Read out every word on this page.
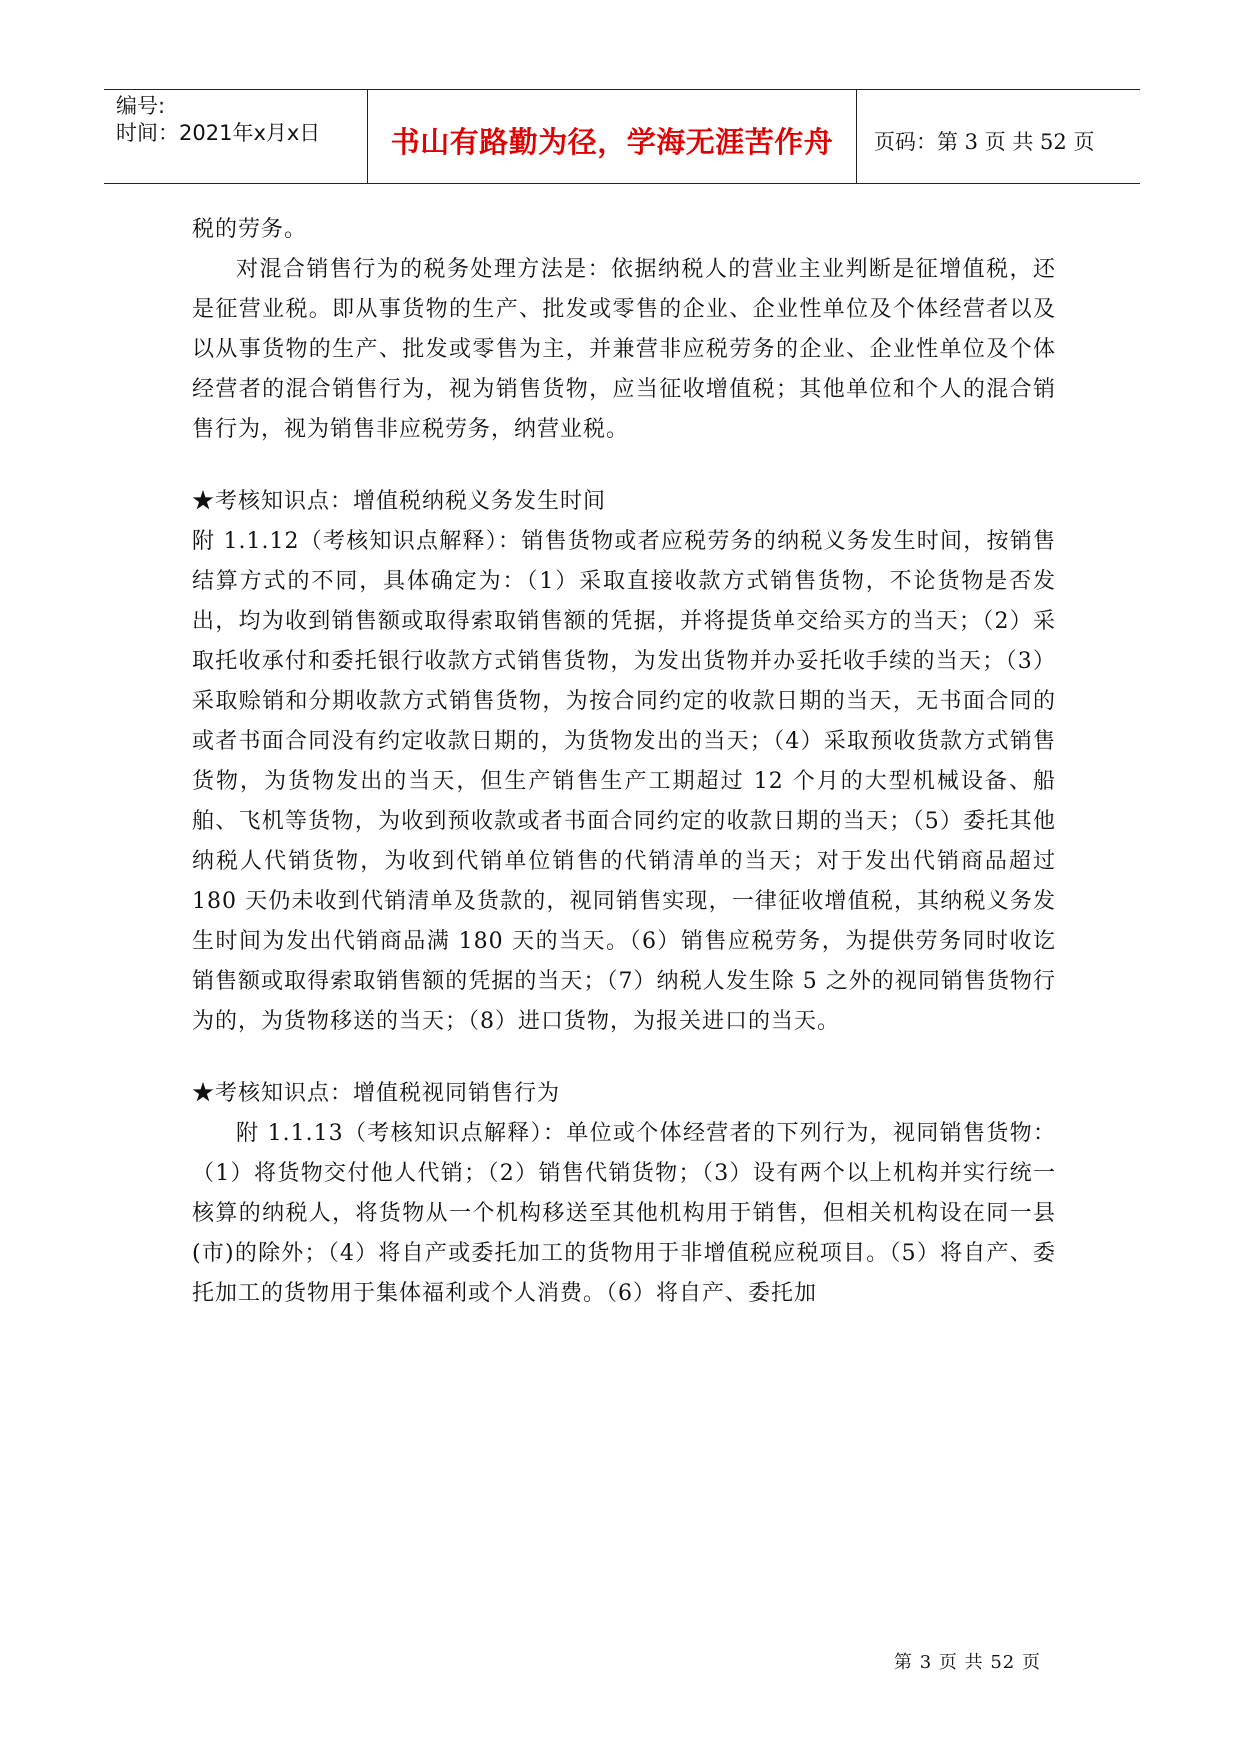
编号:
时间：2021年x月x日	书山有路勤为径，学海无涯苦作舟	页码：第 3 页 共 52 页

税的劳务。

对混合销售行为的税务处理方法是：依据纳税人的营业主业判断是征增值税，还是征营业税。即从事货物的生产、批发或零售的企业、企业性单位及个体经营者以及以从事货物的生产、批发或零售为主，并兼营非应税劳务的企业、企业性单位及个体经营者的混合销售行为，视为销售货物，应当征收增值税；其他单位和个人的混合销售行为，视为销售非应税劳务，纳营业税。

★考核知识点：增值税纳税义务发生时间

附 1.1.12（考核知识点解释）：销售货物或者应税劳务的纳税义务发生时间，按销售结算方式的不同，具体确定为：（1）采取直接收款方式销售货物，不论货物是否发出，均为收到销售额或取得索取销售额的凭据，并将提货单交给买方的当天；（2）采取托收承付和委托银行收款方式销售货物，为发出货物并办妥托收手续的当天；（3）采取赊销和分期收款方式销售货物，为按合同约定的收款日期的当天，无书面合同的或者书面合同没有约定收款日期的，为货物发出的当天；（4）采取预收货款方式销售货物，为货物发出的当天，但生产销售生产工期超过 12 个月的大型机械设备、船舶、飞机等货物，为收到预收款或者书面合同约定的收款日期的当天；（5）委托其他纳税人代销货物，为收到代销单位销售的代销清单的当天；对于发出代销商品超过 180 天仍未收到代销清单及货款的，视同销售实现，一律征收增值税，其纳税义务发生时间为发出代销商品满 180 天的当天。（6）销售应税劳务，为提供劳务同时收讫销售额或取得索取销售额的凭据的当天；（7）纳税人发生除 5 之外的视同销售货物行为的，为货物移送的当天；（8）进口货物，为报关进口的当天。

★考核知识点：增值税视同销售行为

附 1.1.13（考核知识点解释）：单位或个体经营者的下列行为，视同销售货物：（1）将货物交付他人代销；（2）销售代销货物；（3）设有两个以上机构并实行统一核算的纳税人，将货物从一个机构移送至其他机构用于销售，但相关机构设在同一县(市)的除外；（4）将自产或委托加工的货物用于非增值税应税项目。（5）将自产、委托加工的货物用于集体福利或个人消费。（6）将自产、委托加

第 3 页 共 52 页
